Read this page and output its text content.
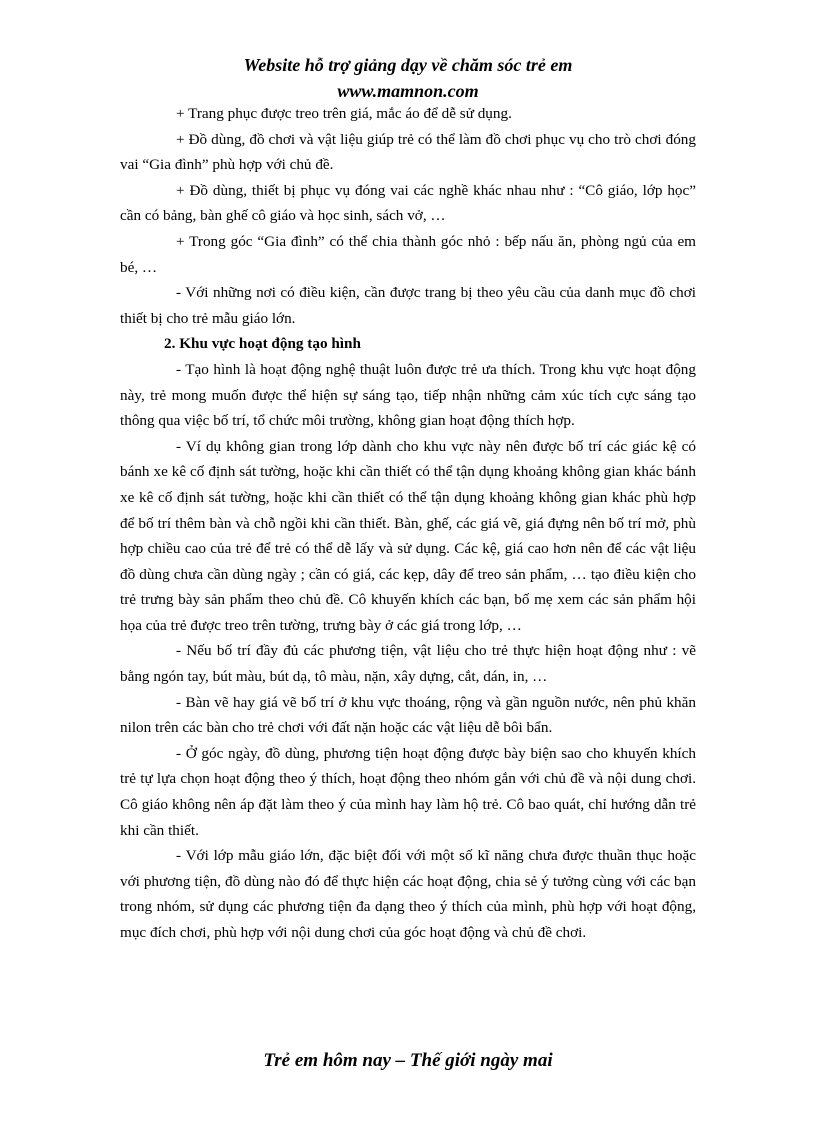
Website hỗ trợ giảng dạy về chăm sóc trẻ em
www.mamnon.com

+ Trang phục được treo trên giá, mắc áo để dễ sử dụng.

+ Đồ dùng, đồ chơi và vật liệu giúp trẻ có thể làm đồ chơi phục vụ cho trò chơi đóng vai “Gia đình” phù hợp với chủ đề.

+ Đồ dùng, thiết bị phục vụ đóng vai các nghề khác nhau như : “Cô giáo, lớp học” cần có bảng, bàn ghế cô giáo và học sinh, sách vở, …

+ Trong góc “Gia đình” có thể chia thành góc nhỏ : bếp nấu ăn, phòng ngủ của em bé, …

- Với những nơi có điều kiện, cần được trang bị theo yêu cầu của danh mục đồ chơi thiết bị cho trẻ mẫu giáo lớn.

2. Khu vực hoạt động tạo hình

- Tạo hình là hoạt động nghệ thuật luôn được trẻ ưa thích. Trong khu vực hoạt động này, trẻ mong muốn được thể hiện sự sáng tạo, tiếp nhận những cảm xúc tích cực sáng tạo thông qua việc bố trí, tổ chức môi trường, không gian hoạt động thích hợp.

- Ví dụ không gian trong lớp dành cho khu vực này nên được bố trí các giác kệ có bánh xe kê cố định sát tường, hoặc khi cần thiết có thể tận dụng khoảng không gian khác bánh xe kê cố định sát tường, hoặc khi cần thiết có thể tận dụng khoảng không gian khác phù hợp để bố trí thêm bàn và chỗ ngồi khi cần thiết. Bàn, ghế, các giá vẽ, giá đựng nên bố trí mở, phù hợp chiều cao của trẻ để trẻ có thể dễ lấy và sử dụng. Các kệ, giá cao hơn nên để các vật liệu đồ dùng chưa cần dùng ngày ; cần có giá, các kẹp, dây để treo sản phẩm, … tạo điều kiện cho trẻ trưng bày sản phẩm theo chủ đề. Cô khuyến khích các bạn, bố mẹ xem các sản phẩm hội họa của trẻ được treo trên tường, trưng bày ở các giá trong lớp, …

- Nếu bố trí đầy đủ các phương tiện, vật liệu cho trẻ thực hiện hoạt động như : vẽ bằng ngón tay, bút màu, bút dạ, tô màu, nặn, xây dựng, cắt, dán, in, …

- Bàn vẽ hay giá vẽ bố trí ở khu vực thoáng, rộng và gần nguồn nước, nên phủ khăn nilon trên các bàn cho trẻ chơi với đất nặn hoặc các vật liệu dễ bôi bẩn.

- Ở góc ngày, đồ dùng, phương tiện hoạt động được bày biện sao cho khuyến khích trẻ tự lựa chọn hoạt động theo ý thích, hoạt động theo nhóm gắn với chủ đề và nội dung chơi. Cô giáo không nên áp đặt làm theo ý của mình hay làm hộ trẻ. Cô bao quát, chỉ hướng dẫn trẻ khi cần thiết.

- Với lớp mẫu giáo lớn, đặc biệt đối với một số kĩ năng chưa được thuần thục hoặc với phương tiện, đồ dùng nào đó để thực hiện các hoạt động, chia sẻ ý tưởng cùng với các bạn trong nhóm, sử dụng các phương tiện đa dạng theo ý thích của mình, phù hợp với hoạt động, mục đích chơi, phù hợp với nội dung chơi của góc hoạt động và chủ đề chơi.

Trẻ em hôm nay – Thế giới ngày mai
